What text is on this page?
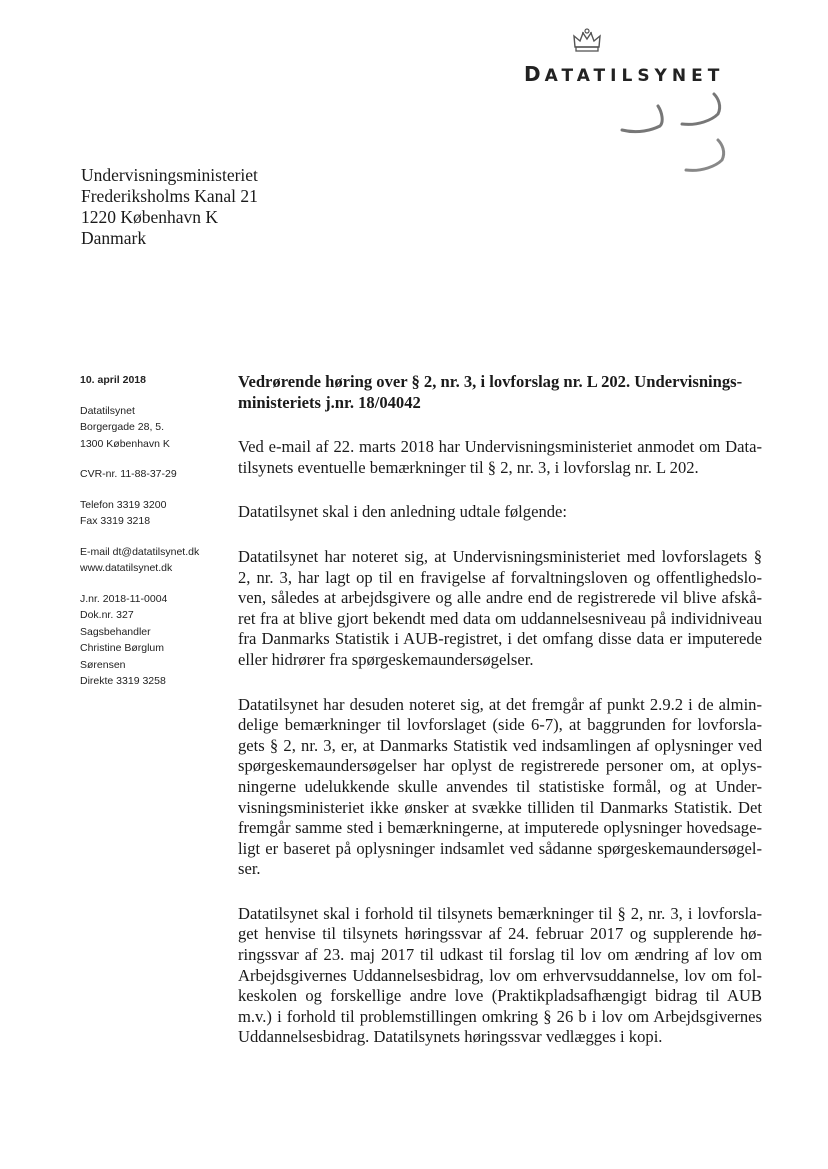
DATATILSYNET
Undervisningsministeriet
Frederiksholms Kanal 21
1220 København K
Danmark
10. april 2018
Datatilsynet
Borgergade 28, 5.
1300 København K
CVR-nr. 11-88-37-29
Telefon 3319 3200
Fax 3319 3218
E-mail dt@datatilsynet.dk
www.datatilsynet.dk
J.nr. 2018-11-0004
Dok.nr. 327
Sagsbehandler
Christine Børglum
Sørensen
Direkte 3319 3258
Vedrørende høring over § 2, nr. 3, i lovforslag nr. L 202. Undervisnings-
ministeriets j.nr. 18/04042

Ved e-mail af 22. marts 2018 har Undervisningsministeriet anmodet om Data-
tilsynets eventuelle bemærkninger til § 2, nr. 3, i lovforslag nr. L 202.

Datatilsynet skal i den anledning udtale følgende:

Datatilsynet har noteret sig, at Undervisningsministeriet med lovforslagets §
2, nr. 3, har lagt op til en fravigelse af forvaltningsloven og offentlighedslo-
ven, således at arbejdsgivere og alle andre end de registrerede vil blive afskå-
ret fra at blive gjort bekendt med data om uddannelsesniveau på individniveau
fra Danmarks Statistik i AUB-registret, i det omfang disse data er imputerede
eller hidrører fra spørgeskemaundersøgelser.

Datatilsynet har desuden noteret sig, at det fremgår af punkt 2.9.2 i de almin-
delige bemærkninger til lovforslaget (side 6-7), at baggrunden for lovforsla-
gets § 2, nr. 3, er, at Danmarks Statistik ved indsamlingen af oplysninger ved
spørgeskemaundersøgelser har oplyst de registrerede personer om, at oplys-
ningerne udelukkende skulle anvendes til statistiske formål, og at Under-
visningsministeriet ikke ønsker at svække tilliden til Danmarks Statistik. Det
fremgår samme sted i bemærkningerne, at imputerede oplysninger hovedsage-
ligt er baseret på oplysninger indsamlet ved sådanne spørgeskemaundersøgel-
ser.

Datatilsynet skal i forhold til tilsynets bemærkninger til § 2, nr. 3, i lovforsla-
get henvise til tilsynets høringssvar af 24. februar 2017 og supplerende hø-
ringssvar af 23. maj 2017 til udkast til forslag til lov om ændring af lov om
Arbejdsgivernes Uddannelsesbidrag, lov om erhvervsuddannelse, lov om fol-
keskolen og forskellige andre love (Praktikpladsafhængigt bidrag til AUB
m.v.) i forhold til problemstillingen omkring § 26 b i lov om Arbejdsgivernes
Uddannelsesbidrag. Datatilsynets høringssvar vedlægges i kopi.
